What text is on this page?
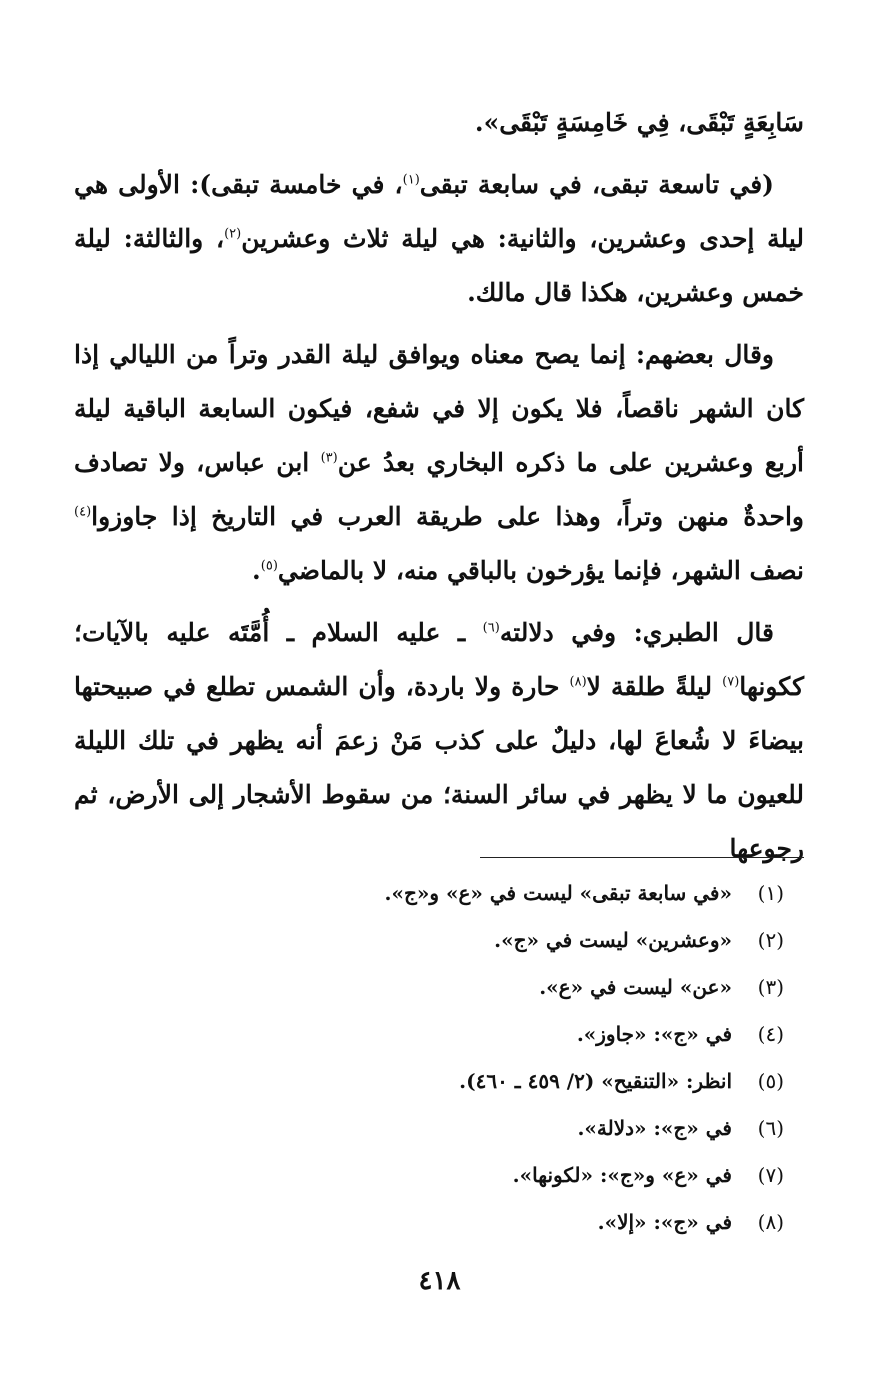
سَابِعَةٍ تَبْقَى، فِي خَامِسَةٍ تَبْقَى».

(في تاسعة تبقى، في سابعة تبقى$^{(١)}$، في خامسة تبقى): الأولى هي ليلة إحدى وعشرين، والثانية: هي ليلة ثلاث وعشرين$^{(٢)}$، والثالثة: ليلة خمس وعشرين، هكذا قال مالك.

وقال بعضهم: إنما يصح معناه ويوافق ليلة القدر وتراً من الليالي إذا كان الشهر ناقصاً، فلا يكون إلا في شفع، فيكون السابعة الباقية ليلة أربع وعشرين على ما ذكره البخاري بعدُ عن$^{(٣)}$ ابن عباس، ولا تصادف واحدةٌ منهن وتراً، وهذا على طريقة العرب في التاريخ إذا جاوزوا$^{(٤)}$ نصف الشهر، فإنما يؤرخون بالباقي منه، لا بالماضي$^{(٥)}$.

قال الطبري: وفي دلالته$^{(٦)}$ ـ عليه السلام ـ أُمَّتَه عليه بالآيات؛ ككونها$^{(٧)}$ ليلةً طلقة لا$^{(٨)}$ حارة ولا باردة، وأن الشمس تطلع في صبيحتها بيضاءَ لا شُعاعَ لها، دليلٌ على كذب مَنْ زعمَ أنه يظهر في تلك الليلة للعيون ما لا يظهر في سائر السنة؛ من سقوط الأشجار إلى الأرض، ثم رجوعها

(١)«في سابعة تبقى» ليست في «ع» و«ج».
(٢)«وعشرين» ليست في «ج».
(٣)«عن» ليست في «ع».
(٤)في «ج»: «جاوز».
(٥)انظر: «التنقيح» (٢/ ٤٥٩ ـ ٤٦٠).
(٦)في «ج»: «دلالة».
(٧)في «ع» و«ج»: «لكونها».
(٨)في «ج»: «إلا».
٤١٨
